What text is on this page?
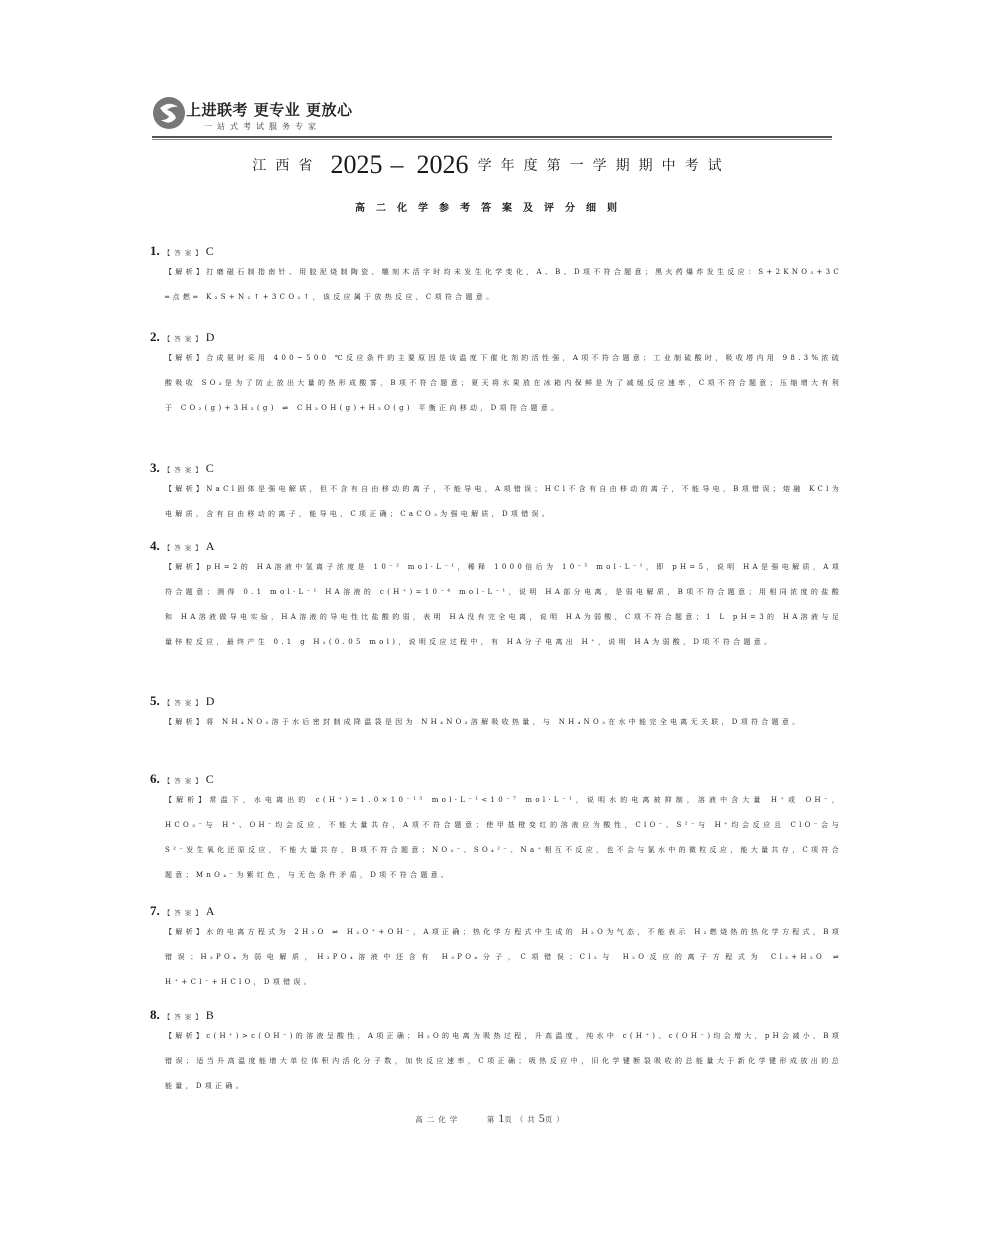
上进联考 更专业 更放心
一站式考试服务专家
江西省 2025 – 2026 学年度第一学期期中考试
高二化学参考答案及评分细则
1. 【答案】C
【解析】打磨磁石制指南针、用胶泥烧制陶瓷、雕刻木活字时均未发生化学变化，A、B、D项不符合题意；黑火药爆炸发生反应：S+2KNO₃+3C ═点燃═ K₂S+N₂↑+3CO₂↑，该反应属于放热反应，C项符合题意。
2. 【答案】D
【解析】合成氨时采用 400~500 ℃反应条件的主要原因是该温度下催化剂的活性强，A项不符合题意；工业制硫酸时，吸收塔内用 98.3%浓硫酸吸收 SO₃是为了防止放出大量的热形成酸雾，B项不符合题意；夏天将水果放在冰箱内保鲜是为了减缓反应速率，C项不符合题意；压缩增大有利于 CO₂(g)+3H₂(g) ⇌ CH₃OH(g)+H₂O(g) 平衡正向移动，D项符合题意。
3. 【答案】C
【解析】NaCl固体是强电解质，但不含有自由移动的离子，不能导电，A项错误；HCl不含有自由移动的离子，不能导电，B项错误；熔融 KCl为电解质，含有自由移动的离子，能导电，C项正确；CaCO₃为强电解质，D项错误。
4. 【答案】A
【解析】pH=2的 HA溶液中氢离子浓度是 10⁻² mol·L⁻¹，稀释 1000倍后为 10⁻⁵ mol·L⁻¹，即 pH=5，说明 HA是强电解质，A项符合题意；测得 0.1 mol·L⁻¹ HA溶液的 c(H⁺)=10⁻⁴ mol·L⁻¹，说明 HA部分电离，是弱电解质，B项不符合题意；用相同浓度的盐酸和 HA溶液做导电实验，HA溶液的导电性比盐酸的弱，表明 HA没有完全电离，说明 HA为弱酸，C项不符合题意；1 L pH=3的 HA溶液与足量锌粒反应，最终产生 0.1 g H₂(0.05 mol)，说明反应过程中，有 HA分子电离出 H⁺，说明 HA为弱酸，D项不符合题意。
5. 【答案】D
【解析】将 NH₄NO₃溶于水后密封制成降温袋是因为 NH₄NO₃溶解吸收热量，与 NH₄NO₃在水中能完全电离无关联，D项符合题意。
6. 【答案】C
【解析】常温下，水电离出的 c(H⁺)=1.0×10⁻¹³ mol·L⁻¹<10⁻⁷ mol·L⁻¹，说明水的电离被抑制，溶液中含大量 H⁺或 OH⁻，HCO₃⁻与 H⁺、OH⁻均会反应，不能大量共存，A项不符合题意；使甲基橙变红的溶液应为酸性，ClO⁻、S²⁻与 H⁺均会反应且 ClO⁻会与 S²⁻发生氧化还原反应，不能大量共存，B项不符合题意；NO₃⁻、SO₄²⁻、Na⁺相互不反应，也不会与氯水中的微粒反应，能大量共存，C项符合题意；MnO₄⁻为紫红色，与无色条件矛盾，D项不符合题意。
7. 【答案】A
【解析】水的电离方程式为 2H₂O ⇌ H₃O⁺+OH⁻，A项正确；热化学方程式中生成的 H₂O为气态，不能表示 H₂燃烧热的热化学方程式，B项错误；H₃PO₄为弱电解质，H₃PO₄溶液中还含有 H₃PO₄分子，C项错误；Cl₂与 H₂O反应的离子方程式为 Cl₂+H₂O ⇌ H⁺+Cl⁻+HClO，D项错误。
8. 【答案】B
【解析】c(H⁺)>c(OH⁻)的溶液呈酸性，A项正确；H₂O的电离为吸热过程，升高温度，纯水中 c(H⁺)、c(OH⁻)均会增大，pH会减小，B项错误；适当升高温度能增大单位体积内活化分子数，加快反应速率，C项正确；吸热反应中，旧化学键断裂吸收的总能量大于新化学键形成放出的总能量，D项正确。
高二化学	第1页（共5页）
